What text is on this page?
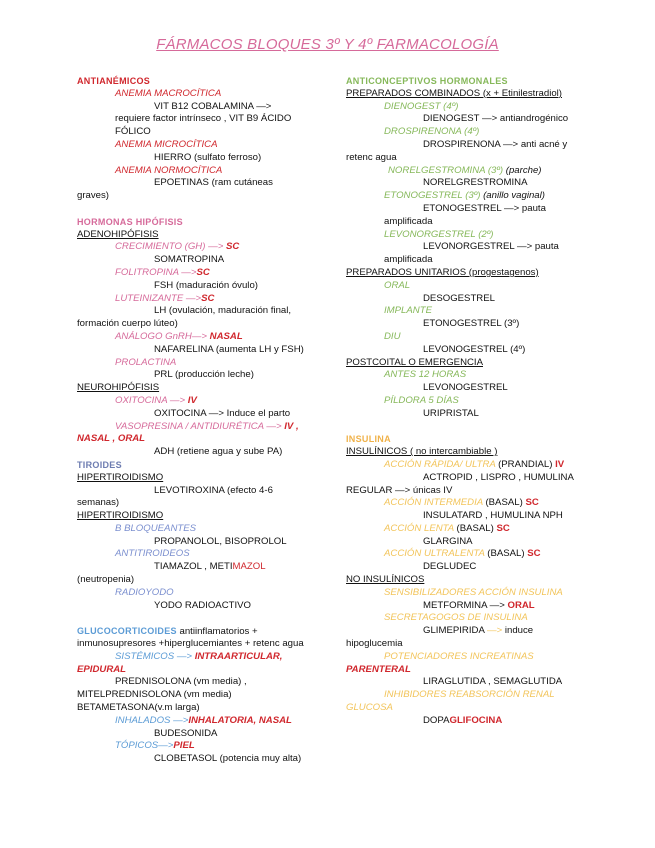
FÁRMACOS BLOQUES 3º Y 4º FARMACOLOGÍA
ANTIANÉMICOS
ANEMIA MACROCÍTICA
VIT B12 COBALAMINA —>
requiere factor intrínseco , VIT B9 ÁCIDO
FÓLICO
ANEMIA MICROCÍTICA
HIERRO (sulfato ferroso)
ANEMIA NORMOCÍTICA
EPOETINAS (ram cutáneas
graves)
HORMONAS HIPÓFISIS
ADENOHIPÓFISIS
CRECIMIENTO (GH) —> SC
SOMATROPINA
FOLITROPINA —>SC
FSH (maduración óvulo)
LUTEINIZANTE —>SC
LH (ovulación, maduración final,
formación cuerpo lúteo)
ANÁLOGO GnRH—> NASAL
NAFARELINA (aumenta LH y FSH)
PROLACTINA
PRL (producción leche)
NEUROHIPÓFISIS
OXITOCINA —> IV
OXITOCINA —> Induce el parto
VASOPRESINA / ANTIDIURÉTICA —> IV ,
NASAL , ORAL
ADH (retiene agua y sube PA)
TIROIDES
HIPERTIROIDISMO
LEVOTIROXINA (efecto 4-6
semanas)
HIPERTIROIDISMO
B BLOQUEANTES
PROPANOLOL, BISOPROLOL
ANTITIROIDEOS
TIAMAZOL , METIMAZOL
(neutropenia)
RADIOYODO
YODO RADIOACTIVO
GLUCOCORTICOIDES antiinflamatorios +
inmunosupresores +hiperglucemiantes + retenc agua
SISTÉMICOS —> INTRAARTICULAR,
EPIDURAL
PREDNISOLONA (vm media) ,
MITELPREDNISOLONA (vm media)
BETAMETASONA(v.m larga)
INHALADOS —>INHALATORIA, NASAL
BUDESONIDA
TÓPICOS—>PIEL
CLOBETASOL (potencia muy alta)
ANTICONCEPTIVOS HORMONALES
PREPARADOS COMBINADOS (x + Etinilestradiol)
DIENOGEST (4º)
DIENOGEST —> antiandrogénico
DROSPIRENONA (4º)
DROSPIRENONA —> anti acné y
retenc agua
NORELGESTROMINA (3º) (parche)
NORELGRESTROMINA
ETONOGESTREL (3º) (anillo vaginal)
ETONOGESTREL —> pauta
amplificada
LEVONORGESTREL (2º)
LEVONORGESTREL —> pauta
amplificada
PREPARADOS UNITARIOS (progestagenos)
ORAL
DESOGESTREL
IMPLANTE
ETONOGESTREL (3º)
DIU
LEVONOGESTREL (4º)
POSTCOITAL O EMERGENCIA
ANTES 12 HORAS
LEVONOGESTREL
PÍLDORA 5 DÍAS
URIPRISTAL
INSULINA
INSULÍNICOS ( no intercambiable )
ACCIÓN RÁPIDA/ ULTRA (PRANDIAL) IV
ACTROPID , LISPRO , HUMULINA
REGULAR —> únicas IV
ACCIÓN INTERMEDIA (BASAL) SC
INSULATARD , HUMULINA NPH
ACCIÓN LENTA (BASAL) SC
GLARGINA
ACCIÓN ULTRALENTA (BASAL) SC
DEGLUDEC
NO INSULÍNICOS
SENSIBILIZADORES ACCIÓN INSULINA
METFORMINA —> ORAL
SECRETAGOGOS DE INSULINA
GLIMEPIRIDA —> induce
hipoglucemia
POTENCIADORES INCREATINAS
PARENTERAL
LIRAGLUTIDA , SEMAGLUTIDA
INHIBIDORES REABSORCIÓN RENAL
GLUCOSA
DOPAGLIFOCINA
